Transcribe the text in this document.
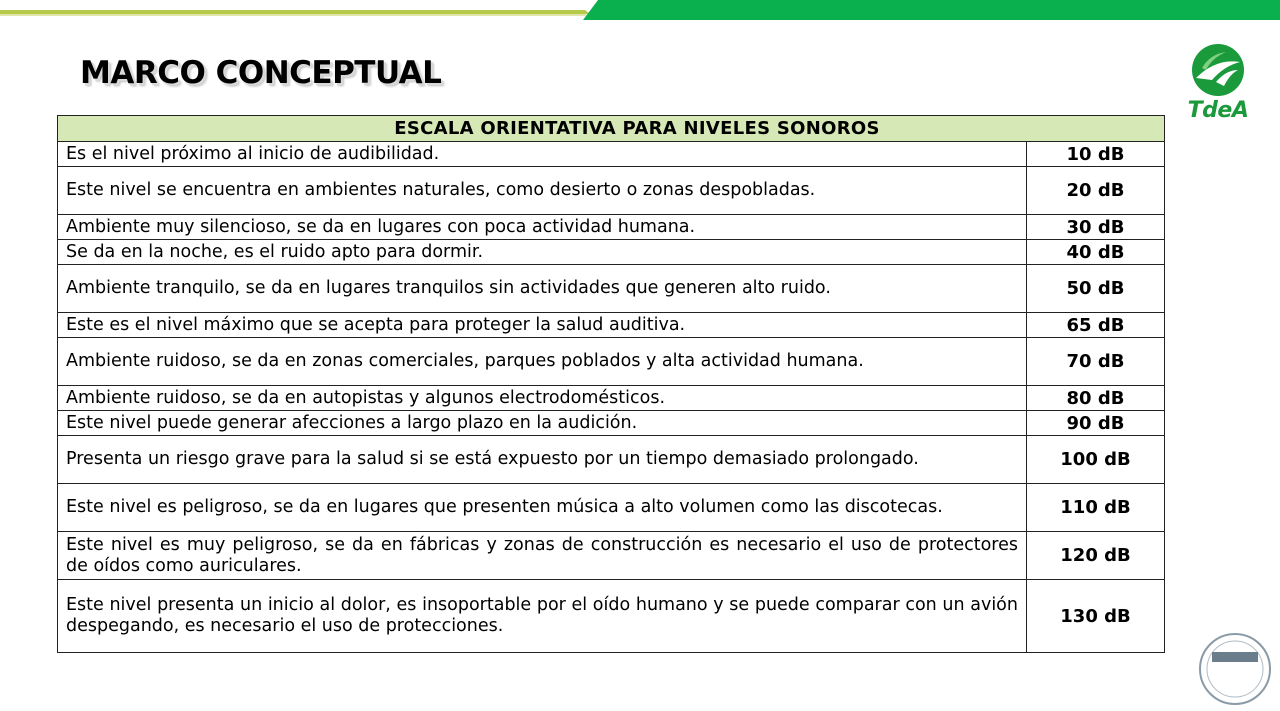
MARCO CONCEPTUAL
TdeA
ESCALA ORIENTATIVA PARA NIVELES SONOROS	
Es el nivel próximo al inicio de audibilidad.	10 dB
Este nivel se encuentra en ambientes naturales, como desierto o zonas despobladas.	20 dB
Ambiente muy silencioso, se da en lugares con poca actividad humana.	30 dB
Se da en la noche, es el ruido apto para dormir.	40 dB
Ambiente tranquilo, se da en lugares tranquilos sin actividades que generen alto ruido.	50 dB
Este es el nivel máximo que se acepta para proteger la salud auditiva.	65 dB
Ambiente ruidoso, se da en zonas comerciales, parques poblados y alta actividad humana.	70 dB
Ambiente ruidoso, se da en autopistas y algunos electrodomésticos.	80 dB
Este nivel puede generar afecciones a largo plazo en la audición.	90 dB
Presenta un riesgo grave para la salud si se está expuesto por un tiempo demasiado prolongado.	100 dB
Este nivel es peligroso, se da en lugares que presenten música a alto volumen como las discotecas.	110 dB
Este nivel es muy peligroso, se da en fábricas y zonas de construcción es necesario el uso de protectores de oídos como auriculares.	120 dB
Este nivel presenta un inicio al dolor, es insoportable por el oído humano y se puede comparar con un avión despegando, es necesario el uso de protecciones.	130 dB
